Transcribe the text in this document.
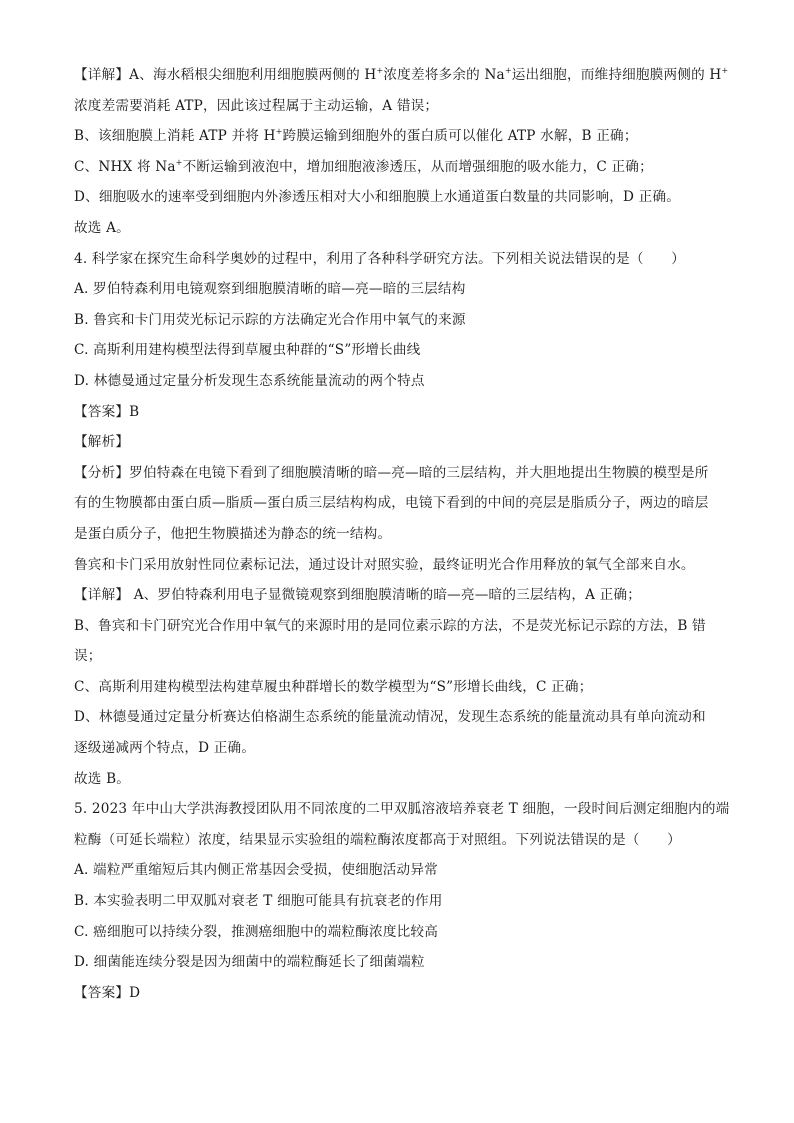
【详解】A、海水稻根尖细胞利用细胞膜两侧的 H+浓度差将多余的 Na+运出细胞，而维持细胞膜两侧的 H+
浓度差需要消耗 ATP，因此该过程属于主动运输，A 错误；
B、该细胞膜上消耗 ATP 并将 H+跨膜运输到细胞外的蛋白质可以催化 ATP 水解，B 正确；
C、NHX 将 Na+不断运输到液泡中，增加细胞液渗透压，从而增强细胞的吸水能力，C 正确；
D、细胞吸水的速率受到细胞内外渗透压相对大小和细胞膜上水通道蛋白数量的共同影响，D 正确。
故选 A。
4. 科学家在探究生命科学奥妙的过程中，利用了各种科学研究方法。下列相关说法错误的是（　　）
A. 罗伯特森利用电镜观察到细胞膜清晰的暗—亮—暗的三层结构
B. 鲁宾和卡门用荧光标记示踪的方法确定光合作用中氧气的来源
C. 高斯利用建构模型法得到草履虫种群的“S”形增长曲线
D. 林德曼通过定量分析发现生态系统能量流动的两个特点
【答案】B
【解析】
【分析】罗伯特森在电镜下看到了细胞膜清晰的暗—亮—暗的三层结构，并大胆地提出生物膜的模型是所
有的生物膜都由蛋白质—脂质—蛋白质三层结构构成，电镜下看到的中间的亮层是脂质分子，两边的暗层
是蛋白质分子，他把生物膜描述为静态的统一结构。
鲁宾和卡门采用放射性同位素标记法，通过设计对照实验，最终证明光合作用释放的氧气全部来自水。
【详解】 A、罗伯特森利用电子显微镜观察到细胞膜清晰的暗—亮—暗的三层结构，A 正确；
B、鲁宾和卡门研究光合作用中氧气的来源时用的是同位素示踪的方法，不是荧光标记示踪的方法，B 错
误；
C、高斯利用建构模型法构建草履虫种群增长的数学模型为“S”形增长曲线，C 正确；
D、林德曼通过定量分析赛达伯格湖生态系统的能量流动情况，发现生态系统的能量流动具有单向流动和
逐级递减两个特点，D 正确。
故选 B。
5. 2023 年中山大学洪海教授团队用不同浓度的二甲双胍溶液培养衰老 T 细胞，一段时间后测定细胞内的端
粒酶（可延长端粒）浓度，结果显示实验组的端粒酶浓度都高于对照组。下列说法错误的是（　　）
A. 端粒严重缩短后其内侧正常基因会受损，使细胞活动异常
B. 本实验表明二甲双胍对衰老 T 细胞可能具有抗衰老的作用
C. 癌细胞可以持续分裂，推测癌细胞中的端粒酶浓度比较高
D. 细菌能连续分裂是因为细菌中的端粒酶延长了细菌端粒
【答案】D
